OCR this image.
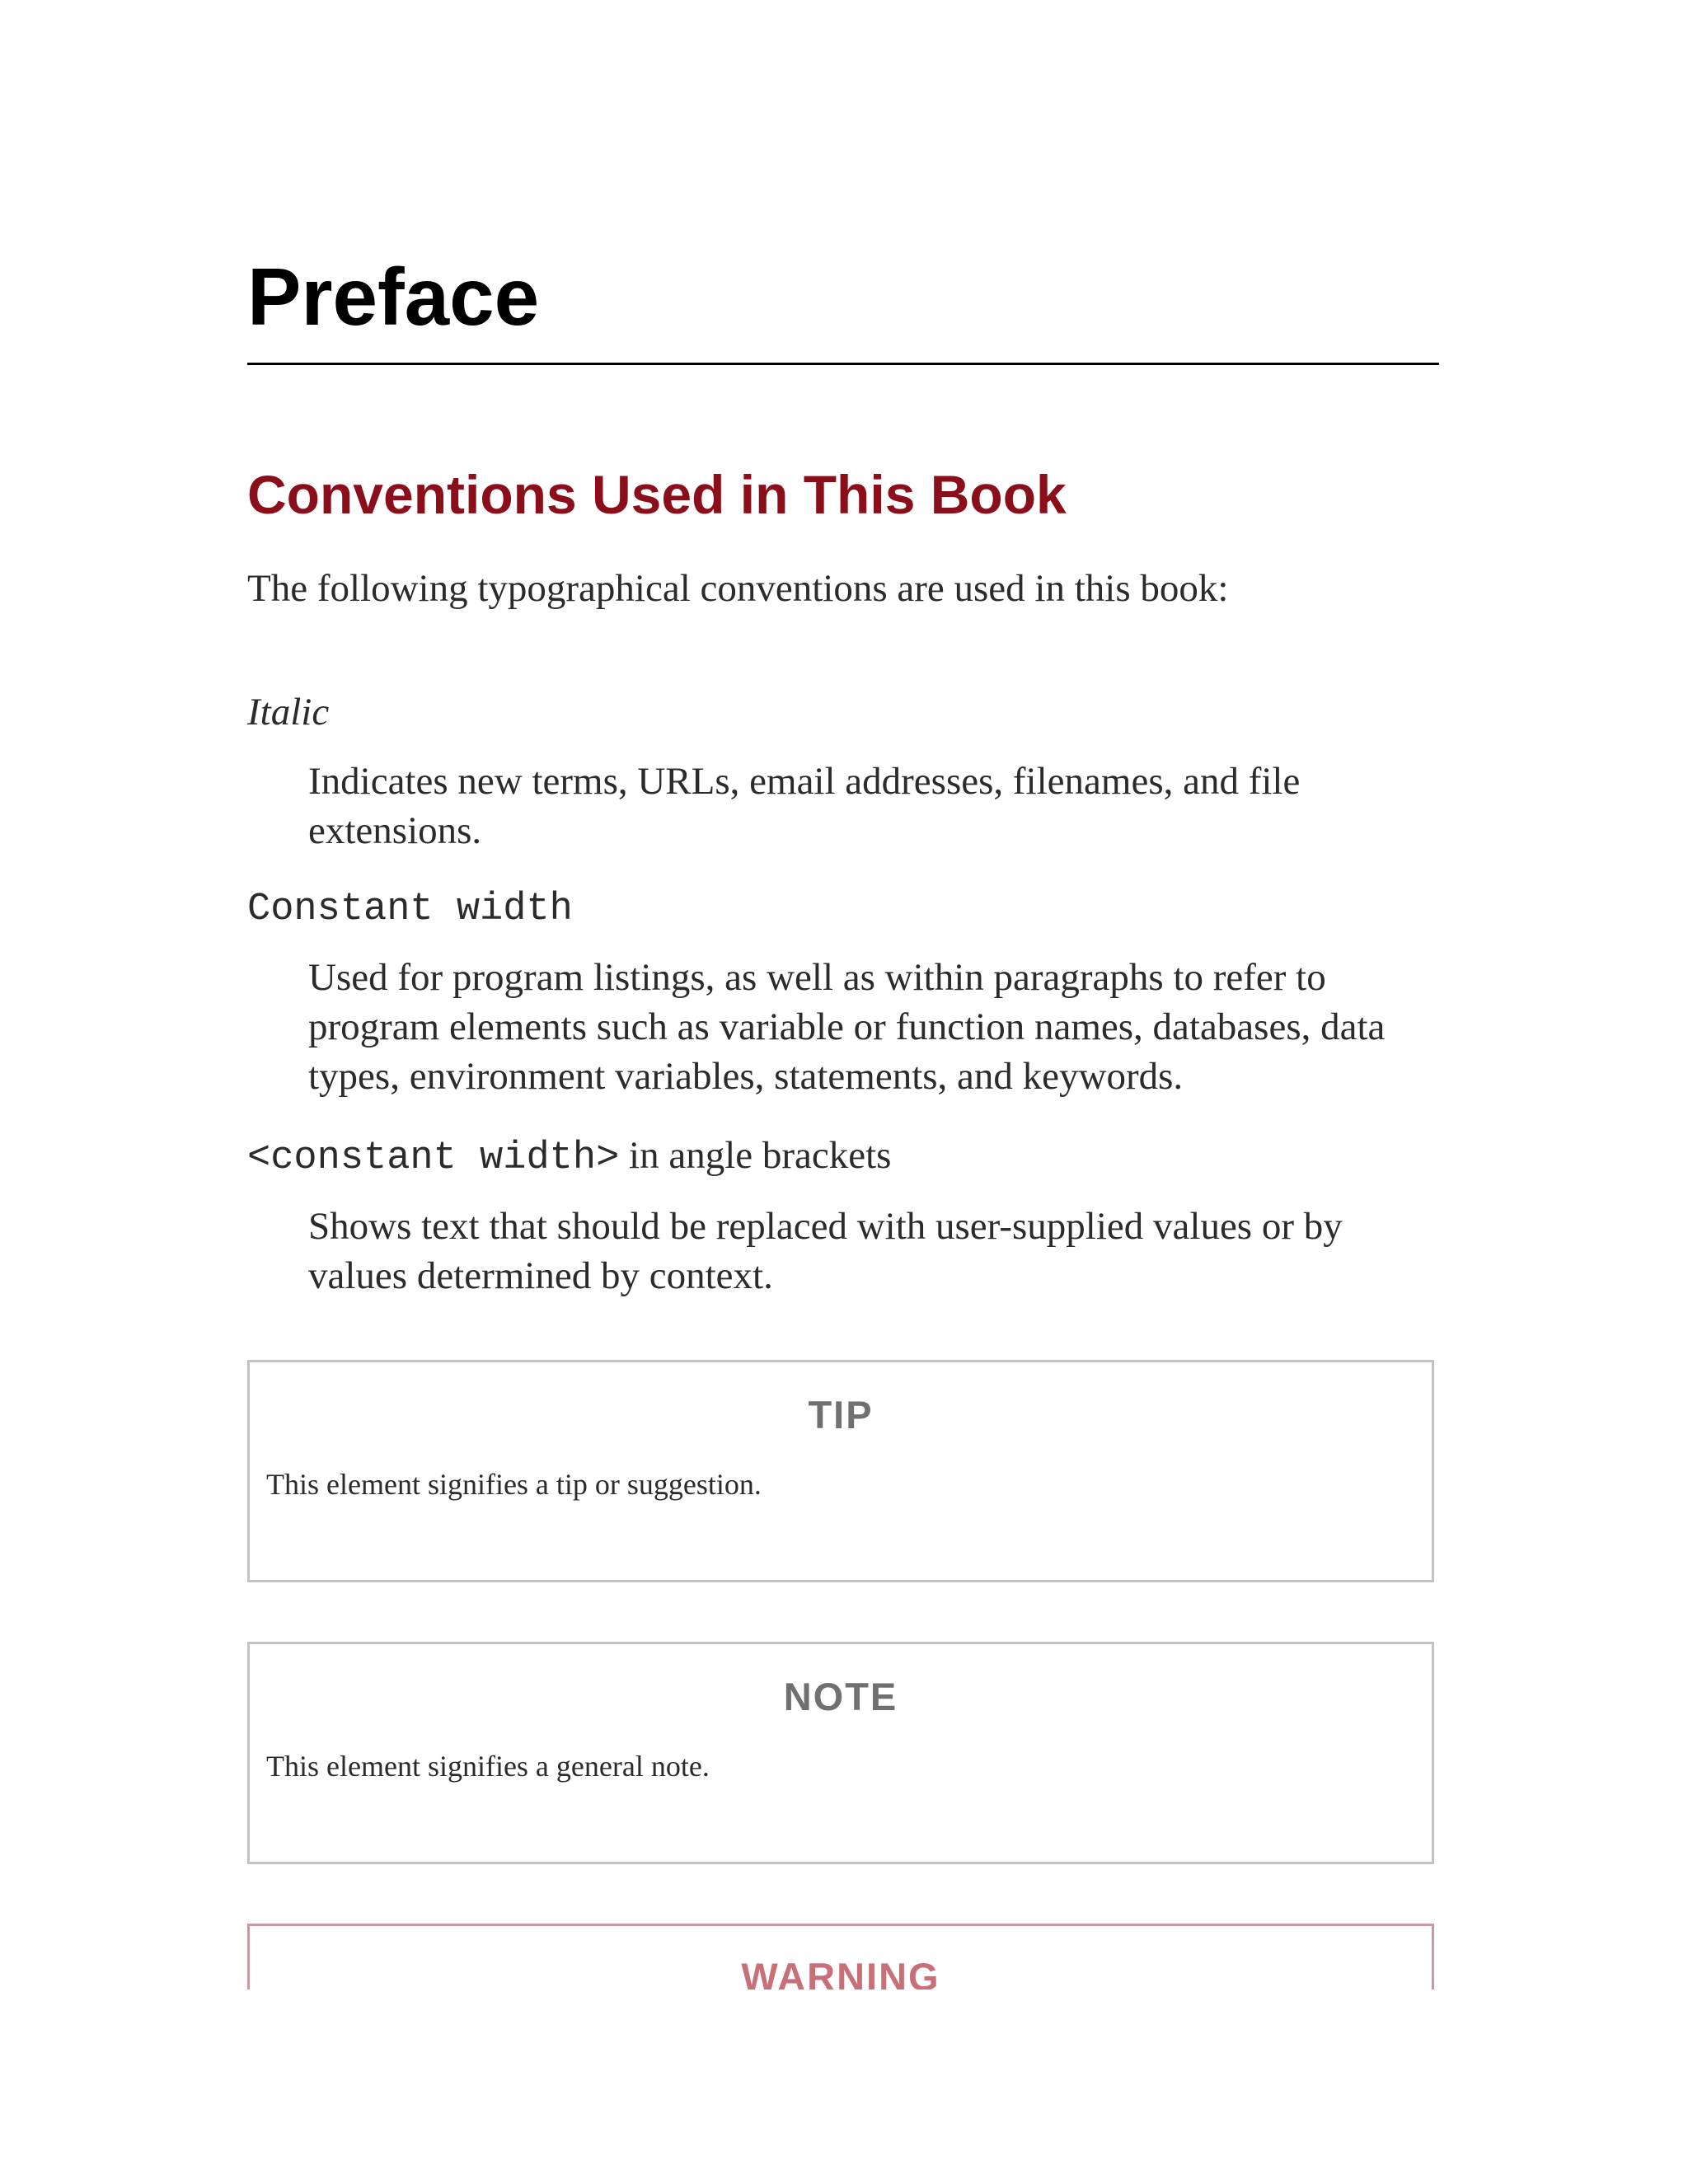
Preface
Conventions Used in This Book

The following typographical conventions are used in this book:

Italic

Indicates new terms, URLs, email addresses, filenames, and file extensions.

Constant width

Used for program listings, as well as within paragraphs to refer to program elements such as variable or function names, databases, data types, environment variables, statements, and keywords.

<constant width> in angle brackets

Shows text that should be replaced with user-supplied values or by values determined by context.

TIP

This element signifies a tip or suggestion.

NOTE

This element signifies a general note.

WARNING
